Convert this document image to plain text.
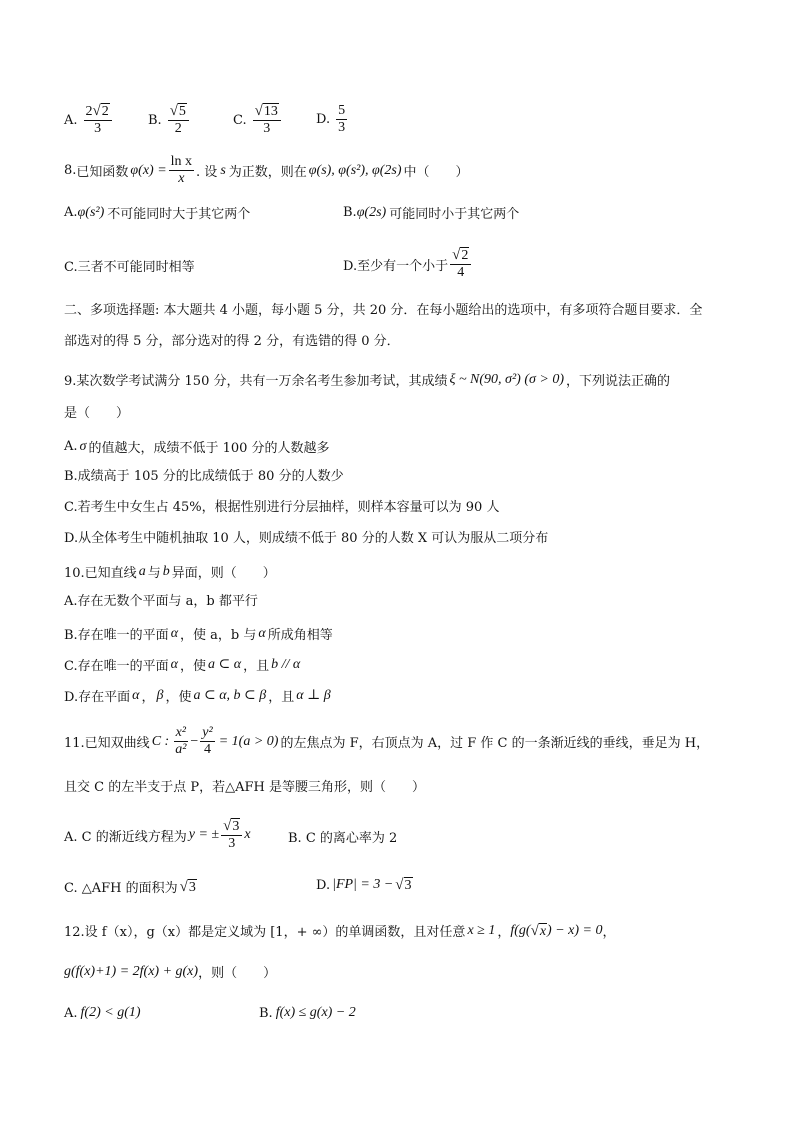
A. $\frac{2 √ 2}{3}$	B. $\frac{√ 5}{2}$	C. $\frac{√ 13}{3}$	D. $\frac{5}{3}$
8. 已知函数 $\varphi(x) = \frac{\text{ln x}}{x}$ . 设 s 为正数，则在 φ(s), φ(s²), φ(2s) 中（　　）
A. φ(s²) 不可能同时大于其它两个	B. φ(2s) 可能同时小于其它两个
C.三者不可能同时相等	D.至少有一个小于 $\frac{√ 2}{4}$
二、多项选择题: 本大题共 4 小题，每小题 5 分，共 20 分．在每小题给出的选项中，有多项符合题目要求．全
部选对的得 5 分，部分选对的得 2 分，有选错的得 0 分．
9.某次数学考试满分 150 分，共有一万余名考生参加考试，其成绩 ξ ~ N(90, σ²) (σ > 0) ，下列说法正确的
是（　　）
A. σ 的值越大，成绩不低于 100 分的人数越多
B.成绩高于 105 分的比成绩低于 80 分的人数少
C.若考生中女生占 45%，根据性别进行分层抽样，则样本容量可以为 90 人
D.从全体考生中随机抽取 10 人，则成绩不低于 80 分的人数 X 可认为服从二项分布
10.已知直线 a 与 b 异面，则（　　）
A.存在无数个平面与 a，b 都平行
B.存在唯一的平面 α ，使 a，b 与 α 所成角相等
C.存在唯一的平面 α ，使 a ⊂ α ，且 b // α
D.存在平面 α ， β ，使 a ⊂ α, b ⊂ β ，且 α ⊥ β
11.已知双曲线 C : $\frac{\text{x²}}{\text{a²}} - \frac{\text{y²}}{4} = 1(a > 0)$ 的左焦点为 F，右顶点为 A，过 F 作 C 的一条渐近线的垂线，垂足为 H，
且交 C 的左半支于点 P，若△AFH 是等腰三角形，则（　　）
A. C 的渐近线方程为 y = ± $\frac{√ 3}{3}$ x	B. C 的离心率为 2
C. △AFH 的面积为 √ 3	D. |FP| = 3 − √ 3
12.设 f（x），g（x）都是定义域为 [1，+ ∞）的单调函数，且对任意 x ≥ 1 ， f(g( √ x ) − x) = 0 ，
g(f(x)+1) = 2f(x) + g(x) ，则（　　）
A. f(2) < g(1)	B. f(x) ≤ g(x) − 2
